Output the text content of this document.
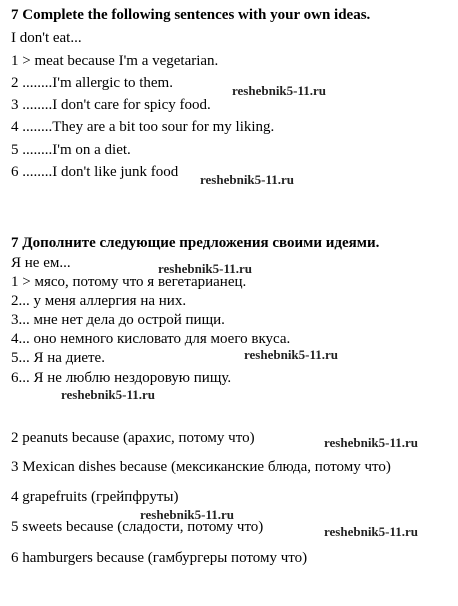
7 Complete the following sentences with your own ideas.
I don't eat...
1 > meat because I'm a vegetarian.
2 ........I'm allergic to them.
3 ........I don't care for spicy food.
4 ........They are a bit too sour for my liking.
5 ........I'm on a diet.
6 ........I don't like junk food
7 Дополните следующие предложения своими идеями.
Я не ем...
1 > мясо, потому что я вегетарианец.
2... у меня аллергия на них.
3... мне нет дела до острой пищи.
4... оно немного кисловато для моего вкуса.
5... Я на диете.
6... Я не люблю нездоровую пищу.
2 peanuts because (арахис, потому что)
3 Mexican dishes because (мексиканские блюда, потому что)
4 grapefruits (грейпфруты)
5 sweets because (сладости, потому что)
6 hamburgers because (гамбургеры потому что)
reshebnik5-11.ru
reshebnik5-11.ru
reshebnik5-11.ru
reshebnik5-11.ru
reshebnik5-11.ru
reshebnik5-11.ru
reshebnik5-11.ru
reshebnik5-11.ru
